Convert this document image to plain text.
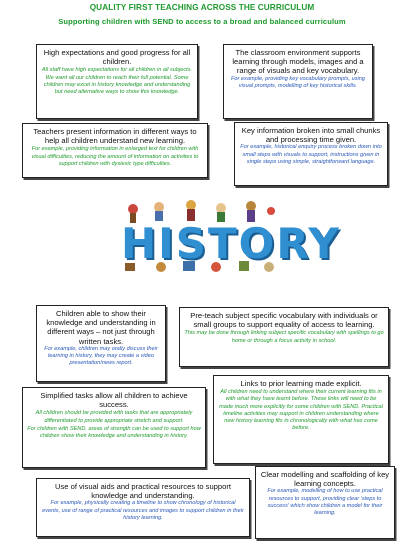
QUALITY FIRST TEACHING ACROSS THE CURRICULUM
Supporting children with SEND to access to a broad and balanced curriculum
High expectations and good progress for all children.
All staff have high expectations for all children in all subjects. We want all our children to reach their full potential. Some children may excel in history knowledge and understanding but need alternative ways to show this knowledge.
The classroom environment supports learning through models, images and a range of visuals and key vocabulary.
For example, providing key vocabulary prompts, using visual prompts, modelling of key historical skills.
Teachers present information in different ways to help all children understand new learning.
For example, providing information in enlarged text for children with visual difficulties, reducing the amount of information on activities to support children with dyslexic type difficulties.
Key information broken into small chunks and processing time given.
For example, historical enquiry process broken down into small steps with visuals to support, instructions given in single steps using simple, straightforward language.
HISTORY
Children able to show their knowledge and understanding in different ways – not just through written tasks.
For example, children may orally discuss their learning in history, they may create a video presentation/news report.
Pre-teach subject specific vocabulary with individuals or small groups to support equality of access to learning.
This may be done through linking subject specific vocabulary with spellings to go home or through a focus activity in school.
Simplified tasks allow all children to achieve success.
All children should be provided with tasks that are appropriately differentiated to provide appropriate stretch and support.
For children with SEND, areas of strength can be used to support how children show their knowledge and understanding in history.
Links to prior learning made explicit.
All children need to understand where their current learning fits in with what they have learnt before. These links will need to be made much more explicitly for some children with SEND. Practical timeline activities may support in children understanding where new history learning fits in chronologically with what has come before.
Use of visual aids and practical resources to support knowledge and understanding.
For example, physically creating a timeline to show chronology of historical events, use of range of practical resources and images to support children in their history learning.
Clear modelling and scaffolding of key learning concepts.
For example, modelling of how to use practical resources to support, providing clear 'steps to success' which show children a model for their learning.
